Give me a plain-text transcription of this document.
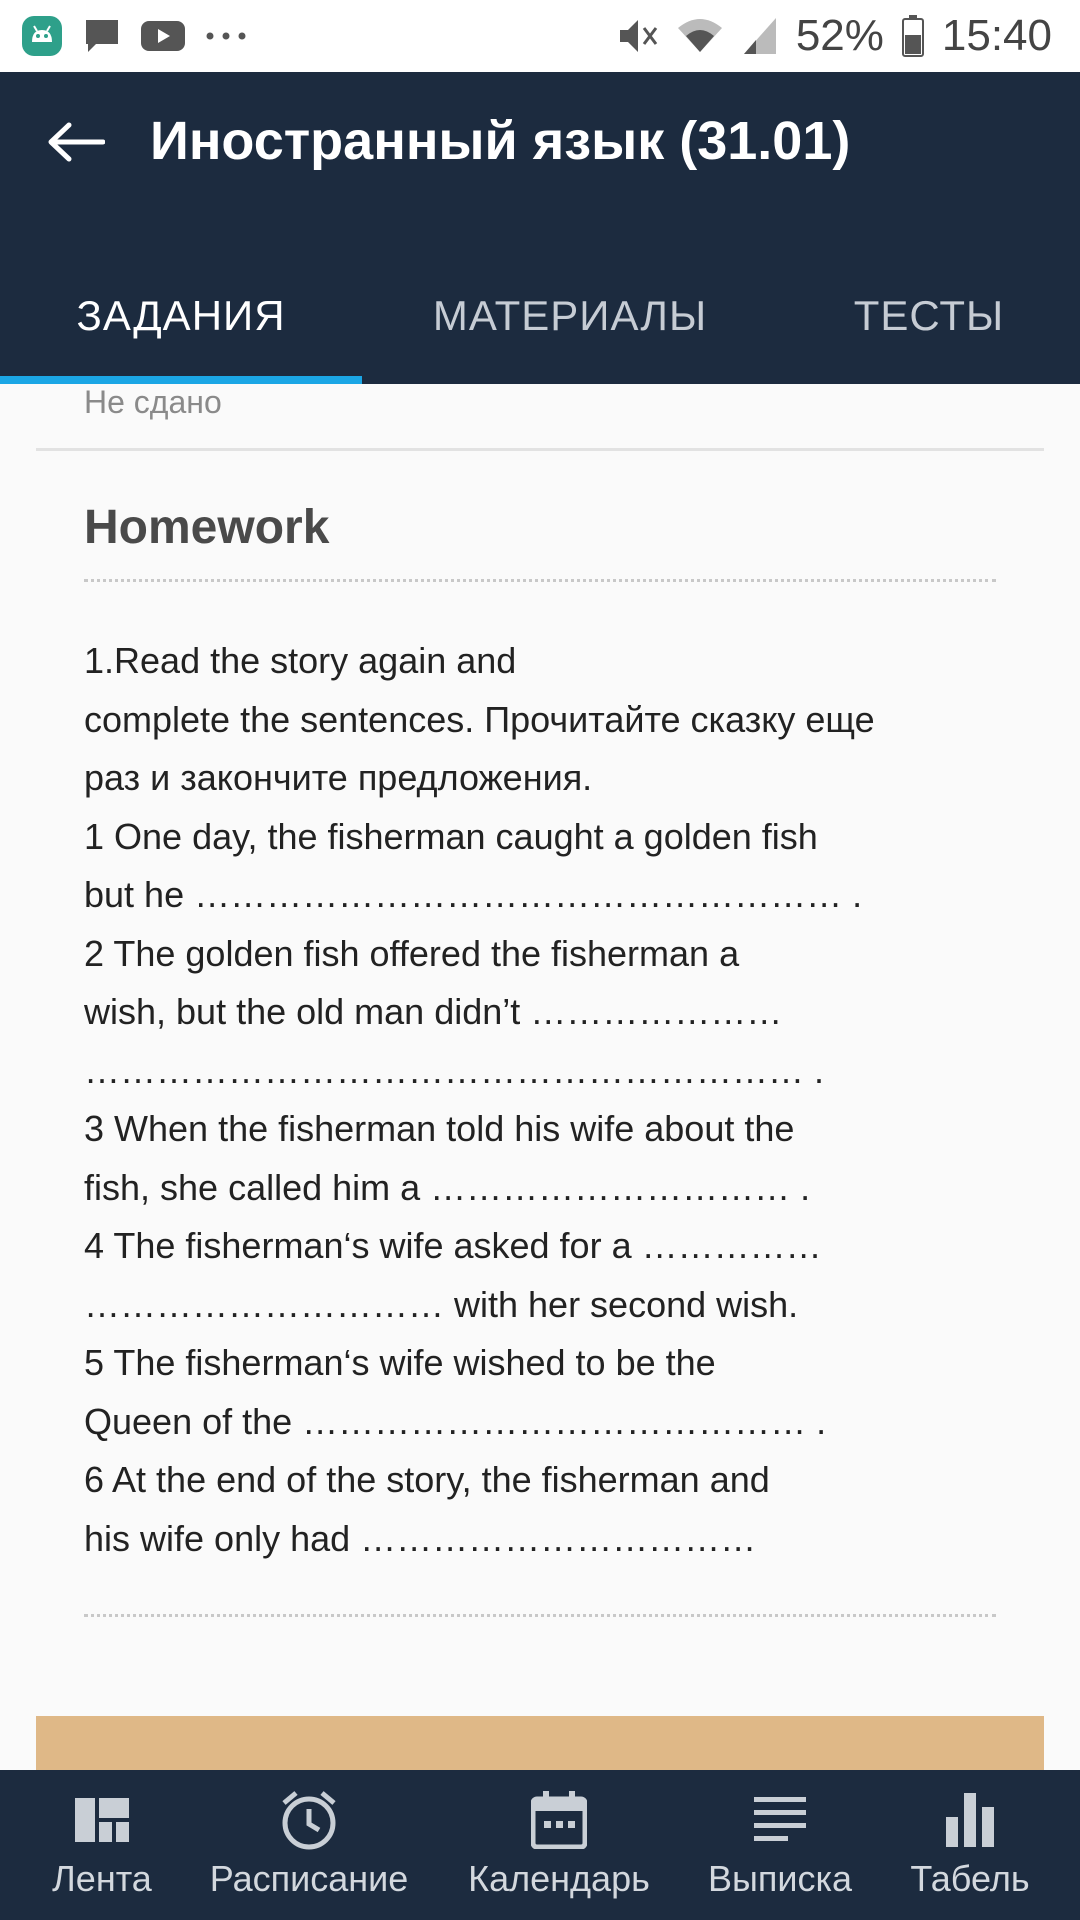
52% 15:40
Иностранный язык (31.01)
ЗАДАНИЯ	МАТЕРИАЛЫ	ТЕСТЫ
Не сдано
Homework
1.Read the story again and
complete the sentences. Прочитайте сказку еще
раз и закончите предложения.
1 One day, the fisherman caught a golden fish
but he ……………………………………………… .
2 The golden fish offered the fisherman a
wish, but the old man didn’t …………………
…………………………………………………… .
3 When the fisherman told his wife about the
fish, she called him a ………………………… .
4 The fisherman‘s wife asked for a ……………
………………………… with her second wish.
5 The fisherman‘s wife wished to be the
Queen of the …………………………………… .
6 At the end of the story, the fisherman and
his wife only had ……………………………
Лента Расписание Календарь Выписка Табель
